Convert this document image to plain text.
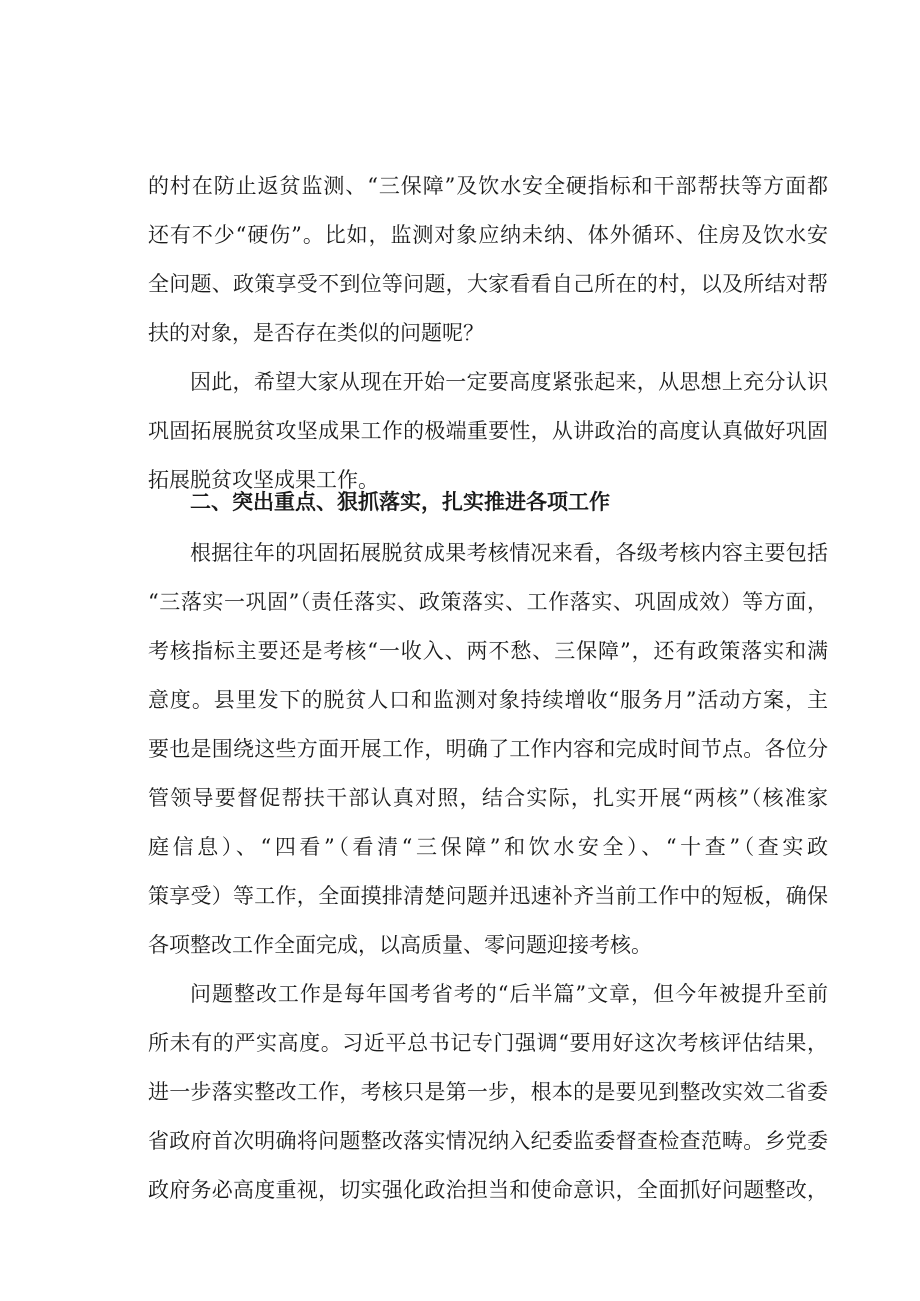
的村在防止返贫监测、“三保障”及饮水安全硬指标和干部帮扶等方面都
还有不少“硬伤”。比如，监测对象应纳未纳、体外循环、住房及饮水安
全问题、政策享受不到位等问题，大家看看自己所在的村，以及所结对帮
扶的对象，是否存在类似的问题呢？
因此，希望大家从现在开始一定要高度紧张起来，从思想上充分认识
巩固拓展脱贫攻坚成果工作的极端重要性，从讲政治的高度认真做好巩固
拓展脱贫攻坚成果工作。
二、突出重点、狠抓落实，扎实推进各项工作
根据往年的巩固拓展脱贫成果考核情况来看，各级考核内容主要包括
“三落实一巩固”（责任落实、政策落实、工作落实、巩固成效）等方面，
考核指标主要还是考核“一收入、两不愁、三保障”，还有政策落实和满
意度。县里发下的脱贫人口和监测对象持续增收“服务月”活动方案，主
要也是围绕这些方面开展工作，明确了工作内容和完成时间节点。各位分
管领导要督促帮扶干部认真对照，结合实际，扎实开展“两核”（核准家
庭信息）、“四看”（看清“三保障”和饮水安全）、“十查”（查实政
策享受）等工作，全面摸排清楚问题并迅速补齐当前工作中的短板，确保
各项整改工作全面完成，以高质量、零问题迎接考核。
问题整改工作是每年国考省考的“后半篇”文章，但今年被提升至前
所未有的严实高度。习近平总书记专门强调“要用好这次考核评估结果，
进一步落实整改工作，考核只是第一步，根本的是要见到整改实效二省委
省政府首次明确将问题整改落实情况纳入纪委监委督查检查范畴。乡党委
政府务必高度重视，切实强化政治担当和使命意识，全面抓好问题整改，
